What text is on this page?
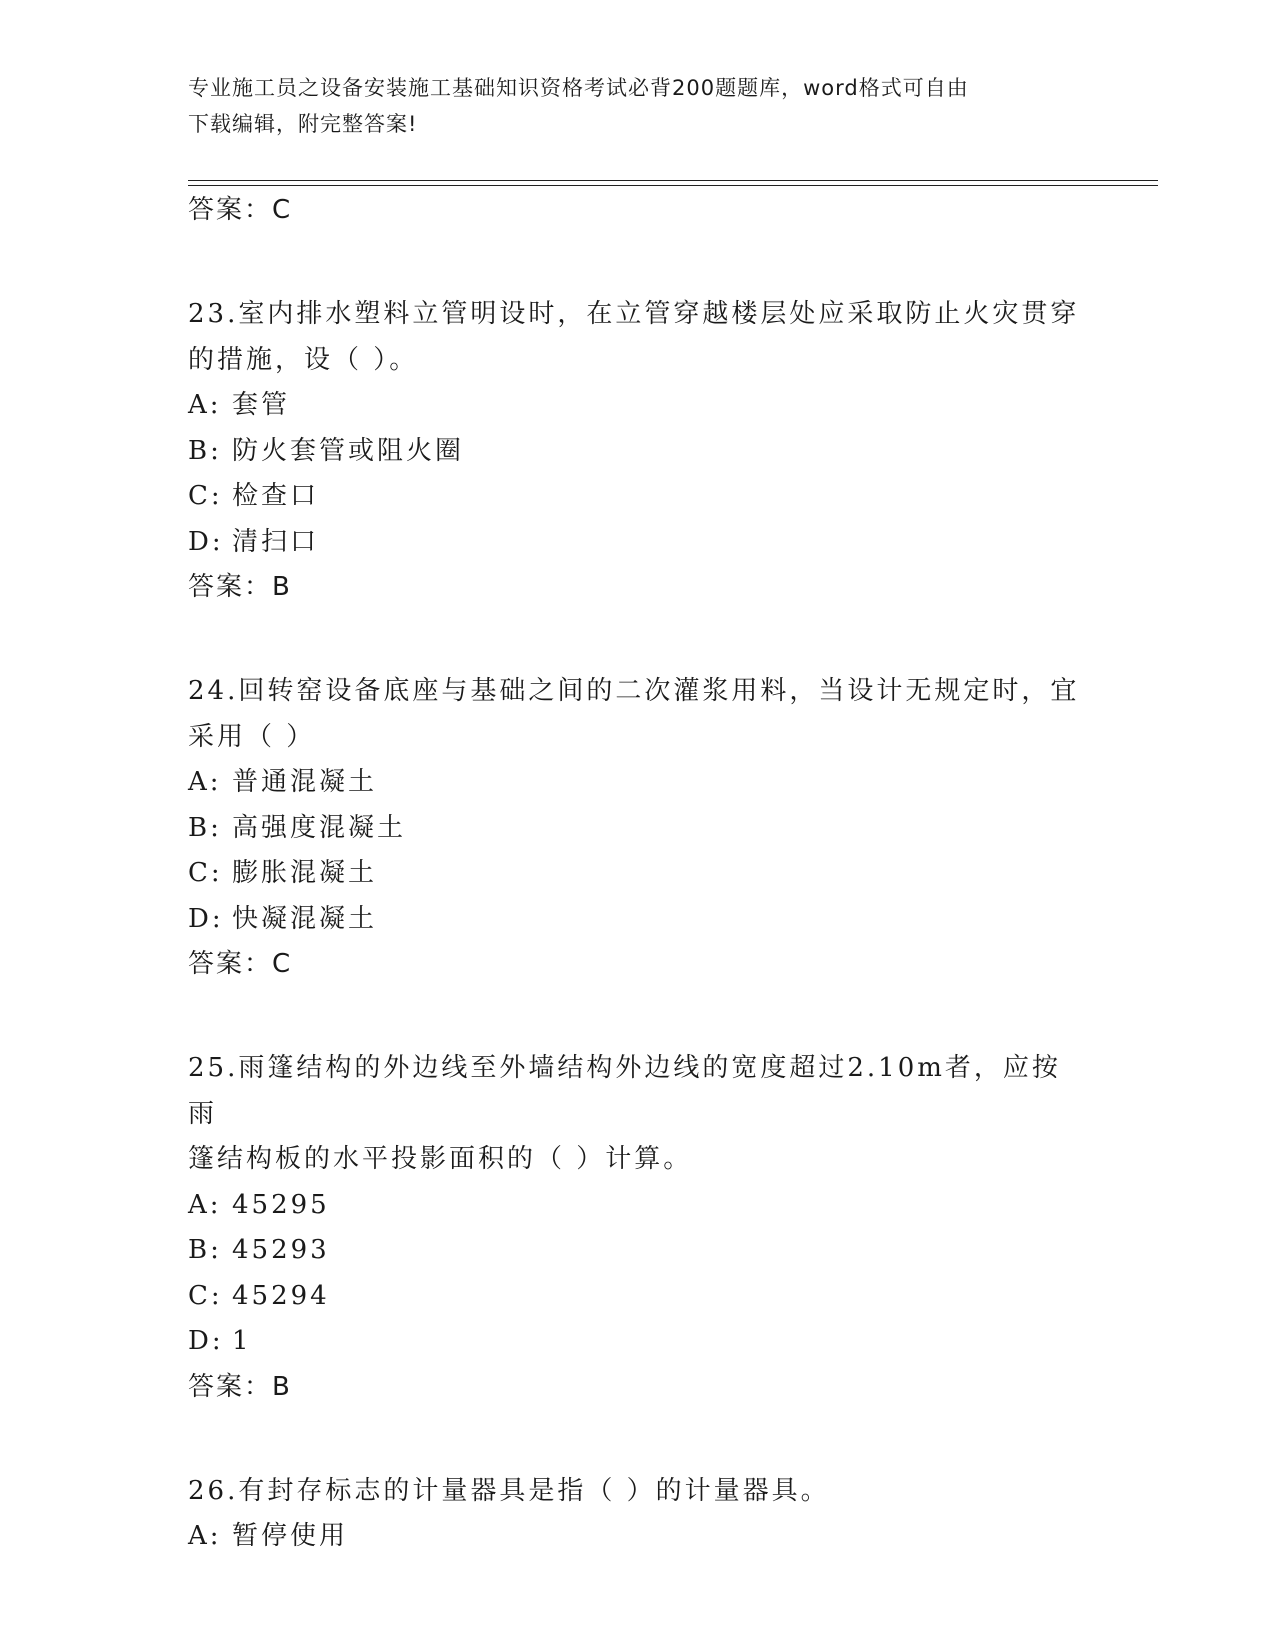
专业施工员之设备安装施工基础知识资格考试必背200题题库，word格式可自由
下载编辑，附完整答案!
答案：C
23.室内排水塑料立管明设时，在立管穿越楼层处应采取防止火灾贯穿
的措施，设（ ）。
A: 套管
B: 防火套管或阻火圈
C: 检查口
D: 清扫口
答案：B
24.回转窑设备底座与基础之间的二次灌浆用料，当设计无规定时，宜
采用（ ）
A: 普通混凝土
B: 高强度混凝土
C: 膨胀混凝土
D: 快凝混凝土
答案：C
25.雨篷结构的外边线至外墙结构外边线的宽度超过2.10m者，应按雨
篷结构板的水平投影面积的（ ）计算。
A: 45295
B: 45293
C: 45294
D: 1
答案：B
26.有封存标志的计量器具是指（ ）的计量器具。
A: 暂停使用
